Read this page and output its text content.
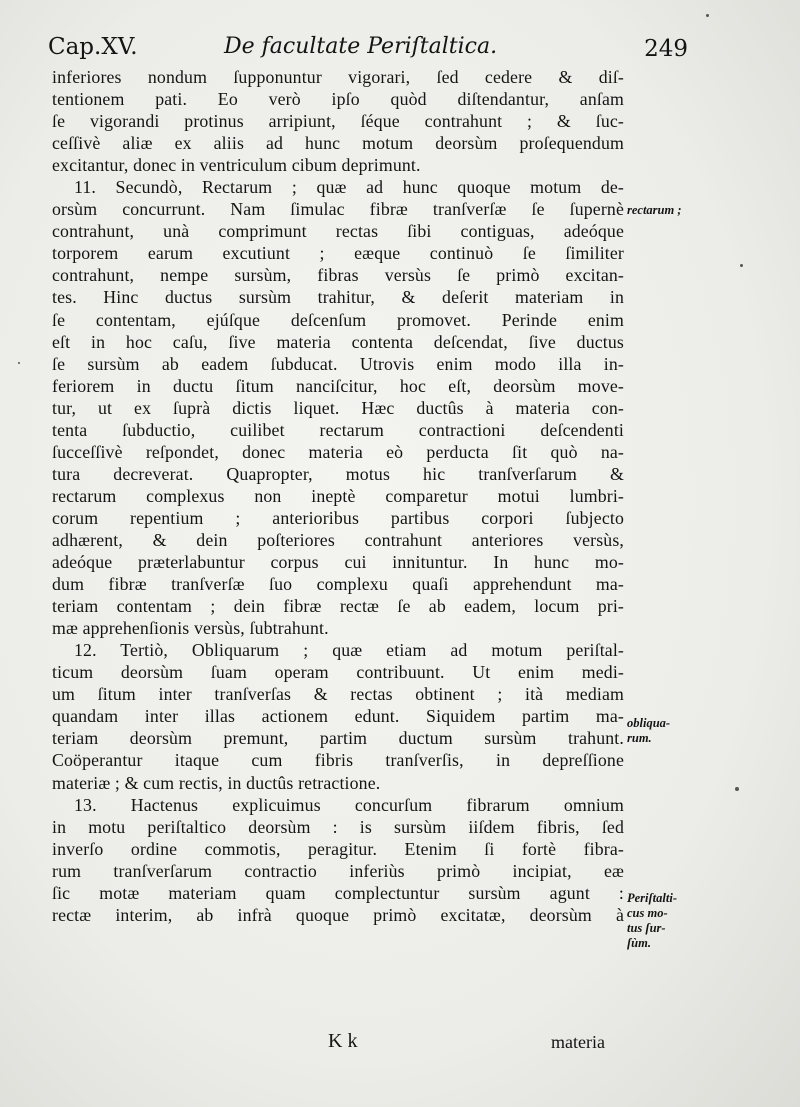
Cap.XV.	De facultate Periſtaltica.	249
inferiores nondum ſupponuntur vigorari, ſed cedere & diſ-
tentionem pati. Eo verò ipſo quòd diſtendantur, anſam
ſe vigorandi protinus arripiunt, ſéque contrahunt ; & ſuc-
ceſſivè aliæ ex aliis ad hunc motum deorsùm proſequendum
excitantur, donec in ventriculum cibum deprimunt.
11. Secundò, Rectarum ; quæ ad hunc quoque motum de-
orsùm concurrunt. Nam ſimulac fibræ tranſverſæ ſe ſupernè
contrahunt, unà comprimunt rectas ſibi contiguas, adeóque
torporem earum excutiunt ; eæque continuò ſe ſimiliter
contrahunt, nempe sursùm, fibras versùs ſe primò excitan-
tes. Hinc ductus sursùm trahitur, & deſerit materiam in
ſe contentam, ejúſque deſcenſum promovet. Perinde enim
eſt in hoc caſu, ſive materia contenta deſcendat, ſive ductus
ſe sursùm ab eadem ſubducat. Utrovis enim modo illa in-
feriorem in ductu ſitum nanciſcitur, hoc eſt, deorsùm move-
tur, ut ex ſuprà dictis liquet. Hæc ductûs à materia con-
tenta ſubductio, cuilibet rectarum contractioni deſcendenti
ſucceſſivè reſpondet, donec materia eò perducta ſit quò na-
tura decreverat. Quapropter, motus hic tranſverſarum &
rectarum complexus non ineptè comparetur motui lumbri-
corum repentium ; anterioribus partibus corpori ſubjecto
adhærent, & dein poſteriores contrahunt anteriores versùs,
adeóque præterlabuntur corpus cui innituntur. In hunc mo-
dum fibræ tranſverſæ ſuo complexu quaſi apprehendunt ma-
teriam contentam ; dein fibræ rectæ ſe ab eadem, locum pri-
mæ apprehenſionis versùs, ſubtrahunt.
12. Tertiò, Obliquarum ; quæ etiam ad motum periſtal-
ticum deorsùm ſuam operam contribuunt. Ut enim medi-
um ſitum inter tranſverſas & rectas obtinent ; ità mediam
quandam inter illas actionem edunt. Siquidem partim ma-
teriam deorsùm premunt, partim ductum sursùm trahunt.
Coöperantur itaque cum fibris tranſverſis, in depreſſione
materiæ ; & cum rectis, in ductûs retractione.
13. Hactenus explicuimus concurſum fibrarum omnium
in motu periſtaltico deorsùm : is sursùm iiſdem fibris, ſed
inverſo ordine commotis, peragitur. Etenim ſi fortè fibra-
rum tranſverſarum contractio inferiùs primò incipiat, eæ
ſic motæ materiam quam complectuntur sursùm agunt :
rectæ interim, ab infrà quoque primò excitatæ, deorsùm à
rectarum ;
obliqua-
rum.
Periſtalti-
cus mo-
tus ſur-
ſùm.
K k	materia
